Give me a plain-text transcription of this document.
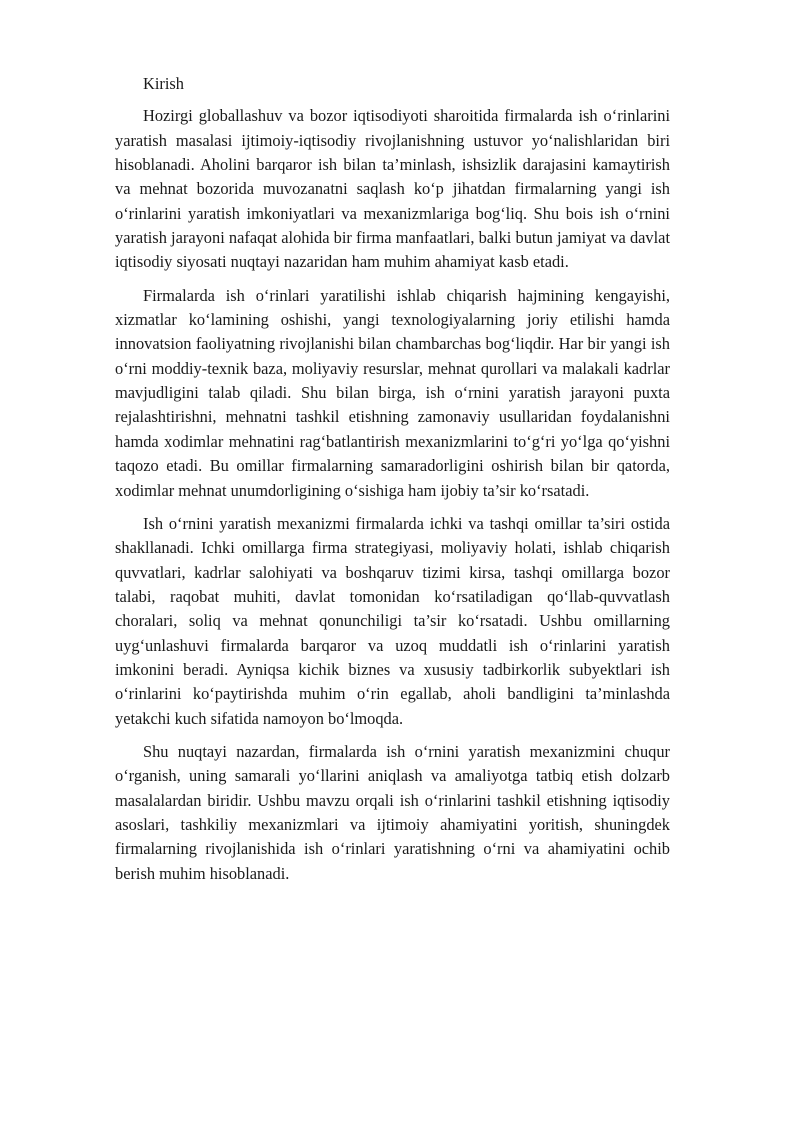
Kirish

Hozirgi globallashuv va bozor iqtisodiyoti sharoitida firmalarda ish o‘rinlarini yaratish masalasi ijtimoiy-iqtisodiy rivojlanishning ustuvor yo‘nalishlaridan biri hisoblanadi. Aholini barqaror ish bilan ta’minlash, ishsizlik darajasini kamaytirish va mehnat bozorida muvozanatni saqlash ko‘p jihatdan firmalarning yangi ish o‘rinlarini yaratish imkoniyatlari va mexanizmlariga bog‘liq. Shu bois ish o‘rnini yaratish jarayoni nafaqat alohida bir firma manfaatlari, balki butun jamiyat va davlat iqtisodiy siyosati nuqtayi nazaridan ham muhim ahamiyat kasb etadi.

Firmalarda ish o‘rinlari yaratilishi ishlab chiqarish hajmining kengayishi, xizmatlar ko‘lamining oshishi, yangi texnologiyalarning joriy etilishi hamda innovatsion faoliyatning rivojlanishi bilan chambarchas bog‘liqdir. Har bir yangi ish o‘rni moddiy-texnik baza, moliyaviy resurslar, mehnat qurollari va malakali kadrlar mavjudligini talab qiladi. Shu bilan birga, ish o‘rnini yaratish jarayoni puxta rejalashtirishni, mehnatni tashkil etishning zamonaviy usullaridan foydalanishni hamda xodimlar mehnatini rag‘batlantirish mexanizmlarini to‘g‘ri yo‘lga qo‘yishni taqozo etadi. Bu omillar firmalarning samaradorligini oshirish bilan bir qatorda, xodimlar mehnat unumdorligining o‘sishiga ham ijobiy ta’sir ko‘rsatadi.

Ish o‘rnini yaratish mexanizmi firmalarda ichki va tashqi omillar ta’siri ostida shakllanadi. Ichki omillarga firma strategiyasi, moliyaviy holati, ishlab chiqarish quvvatlari, kadrlar salohiyati va boshqaruv tizimi kirsa, tashqi omillarga bozor talabi, raqobat muhiti, davlat tomonidan ko‘rsatiladigan qo‘llab-quvvatlash choralari, soliq va mehnat qonunchiligi ta’sir ko‘rsatadi. Ushbu omillarning uyg‘unlashuvi firmalarda barqaror va uzoq muddatli ish o‘rinlarini yaratish imkonini beradi. Ayniqsa kichik biznes va xususiy tadbirkorlik subyektlari ish o‘rinlarini ko‘paytirishda muhim o‘rin egallab, aholi bandligini ta’minlashda yetakchi kuch sifatida namoyon bo‘lmoqda.

Shu nuqtayi nazardan, firmalarda ish o‘rnini yaratish mexanizmini chuqur o‘rganish, uning samarali yo‘llarini aniqlash va amaliyotga tatbiq etish dolzarb masalalardan biridir. Ushbu mavzu orqali ish o‘rinlarini tashkil etishning iqtisodiy asoslari, tashkiliy mexanizmlari va ijtimoiy ahamiyatini yoritish, shuningdek firmalarning rivojlanishida ish o‘rinlari yaratishning o‘rni va ahamiyatini ochib berish muhim hisoblanadi.
